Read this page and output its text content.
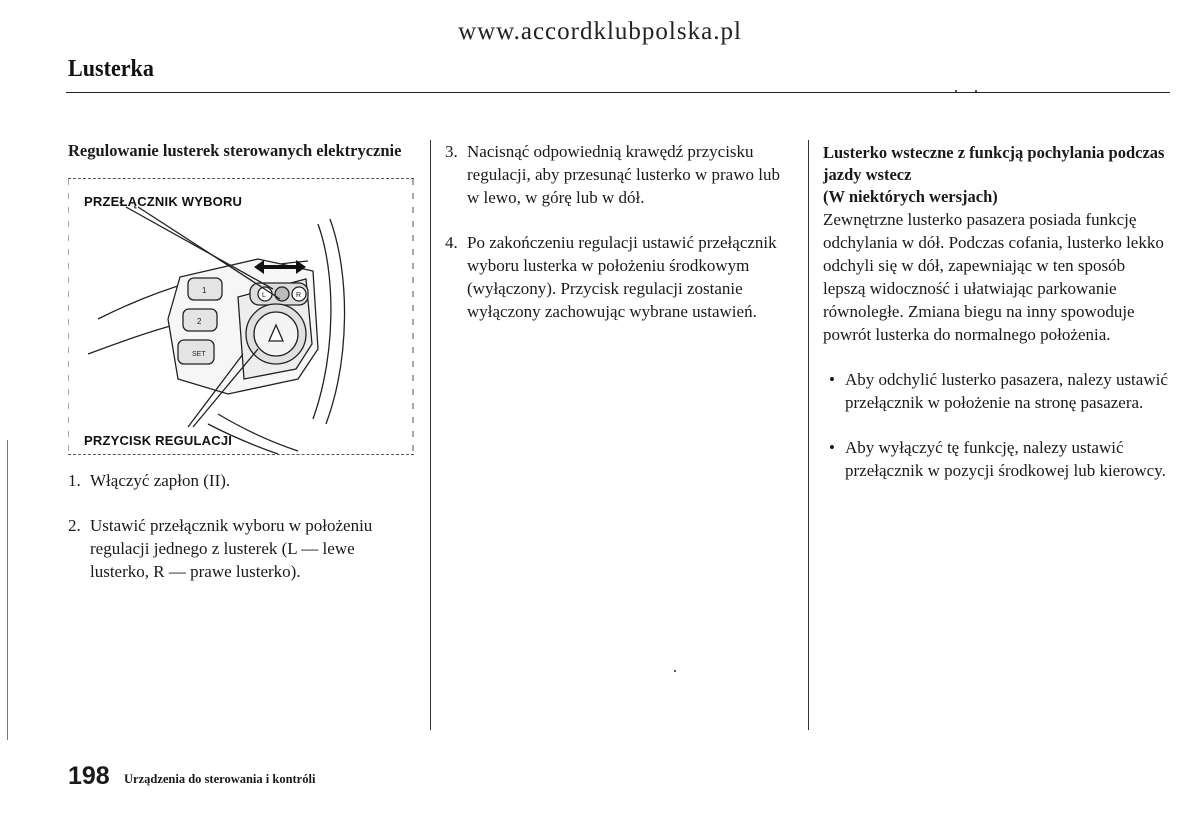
www.accordklubpolska.pl
Lusterka
Regulowanie lusterek sterowanych elektrycznie
1
2
SET
L	R
PRZEŁĄCZNIK WYBORU
PRZYCISK REGULACJI
1. Włączyć zapłon (II).
2. Ustawić przełącznik wyboru w położeniu regulacji jednego z lusterek (L — lewe lusterko, R — prawe lusterko).
3. Nacisnąć odpowiednią krawędź przycisku regulacji, aby przesunąć lusterko w prawo lub w lewo, w górę lub w dół.
4. Po zakończeniu regulacji ustawić przełącznik wyboru lusterka w położeniu środkowym (wyłączony). Przycisk regulacji zostanie wyłączony zachowując wybrane ustawień.
Lusterko wsteczne z funkcją pochylania podczas jazdy wstecz
(W niektórych wersjach)

Zewnętrzne lusterko pasazera posiada funkcję odchylania w dół. Podczas cofania, lusterko lekko odchyli się w dół, zapewniając w ten sposób lepszą widoczność i ułatwiając parkowanie równoległe. Zmiana biegu na inny spowoduje powrót lusterka do normalnego położenia.

• Aby odchylić lusterko pasazera, nalezy ustawić przełącznik w położenie na stronę pasazera.
• Aby wyłączyć tę funkcję, nalezy ustawić przełącznik w pozycji środkowej lub kierowcy.
198 Urządzenia do sterowania i kontróli
